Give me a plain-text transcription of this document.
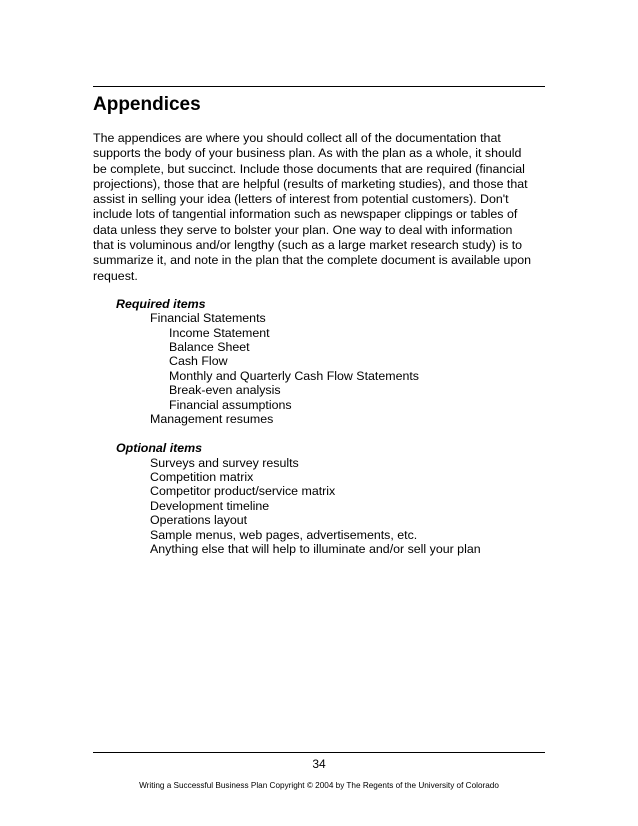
Appendices
The appendices are where you should collect all of the documentation that
supports the body of your business plan. As with the plan as a whole, it should
be complete, but succinct. Include those documents that are required (financial
projections), those that are helpful (results of marketing studies), and those that
assist in selling your idea (letters of interest from potential customers). Don't
include lots of tangential information such as newspaper clippings or tables of
data unless they serve to bolster your plan. One way to deal with information
that is voluminous and/or lengthy (such as a large market research study) is to
summarize it, and note in the plan that the complete document is available upon
request.
Required items
Financial Statements
Income Statement
Balance Sheet
Cash Flow
Monthly and Quarterly Cash Flow Statements
Break-even analysis
Financial assumptions
Management resumes
Optional items
Surveys and survey results
Competition matrix
Competitor product/service matrix
Development timeline
Operations layout
Sample menus, web pages, advertisements, etc.
Anything else that will help to illuminate and/or sell your plan
34
Writing a Successful Business Plan Copyright © 2004 by The Regents of the University of Colorado
